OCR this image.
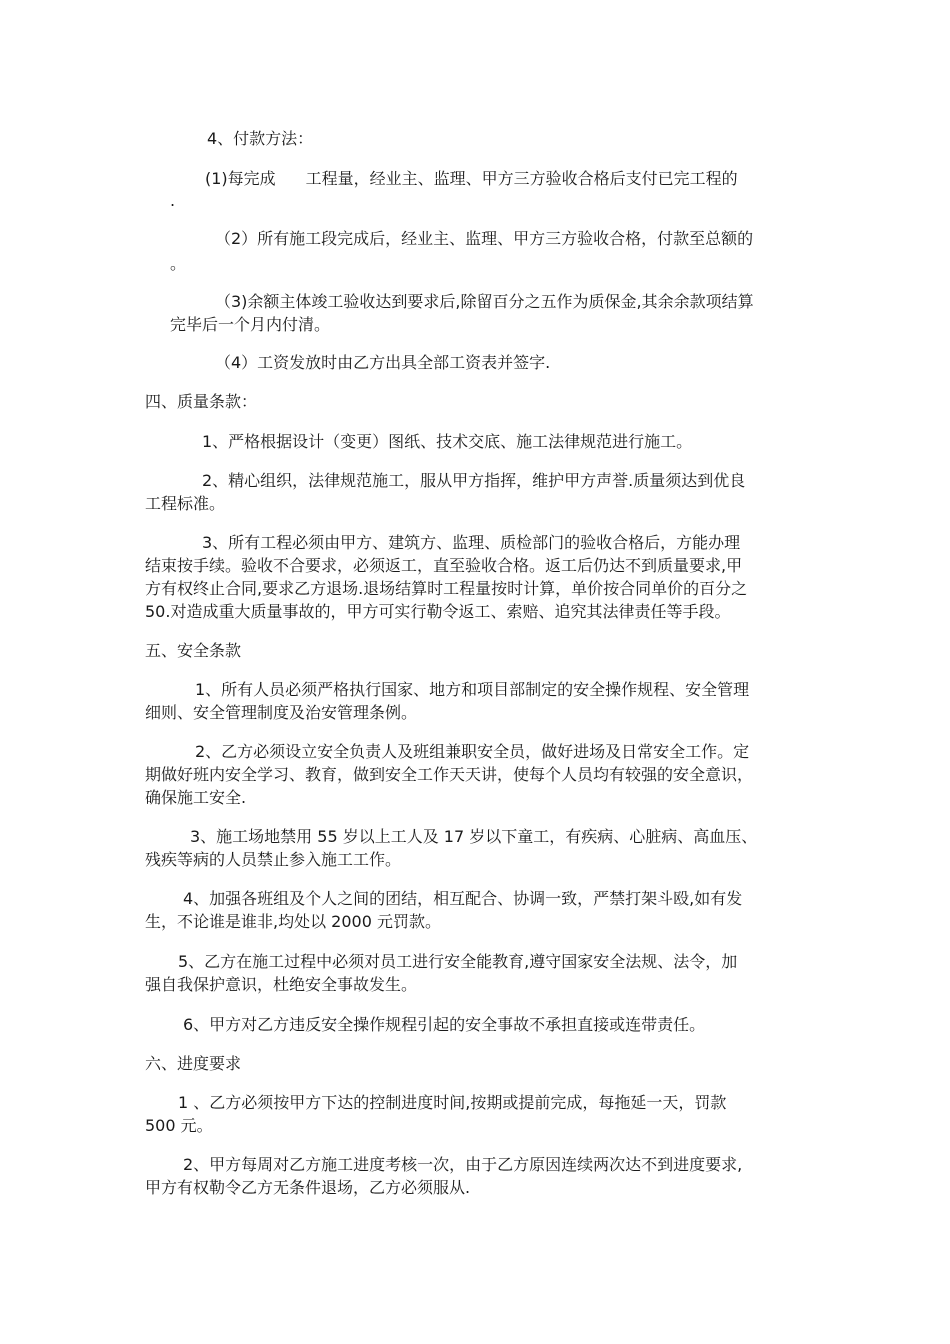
4、付款方法：
(1)每完成 工程量，经业主、监理、甲方三方验收合格后支付已完工程的
.
（2）所有施工段完成后，经业主、监理、甲方三方验收合格，付款至总额的
。
（3)余额主体竣工验收达到要求后,除留百分之五作为质保金,其余余款项结算
完毕后一个月内付清。
（4）工资发放时由乙方出具全部工资表并签字.
四、质量条款：
1、严格根据设计（变更）图纸、技术交底、施工法律规范进行施工。
2、精心组织，法律规范施工，服从甲方指挥，维护甲方声誉.质量须达到优良
工程标准。
3、所有工程必须由甲方、建筑方、监理、质检部门的验收合格后，方能办理
结束按手续。验收不合要求，必须返工，直至验收合格。返工后仍达不到质量要求,甲
方有权终止合同,要求乙方退场.退场结算时工程量按时计算，单价按合同单价的百分之
50.对造成重大质量事故的，甲方可实行勒令返工、索赔、追究其法律责任等手段。
五、安全条款
1、所有人员必须严格执行国家、地方和项目部制定的安全操作规程、安全管理
细则、安全管理制度及治安管理条例。
2、乙方必须设立安全负责人及班组兼职安全员，做好进场及日常安全工作。定
期做好班内安全学习、教育，做到安全工作天天讲，使每个人员均有较强的安全意识，
确保施工安全.
3、施工场地禁用 55 岁以上工人及 17 岁以下童工，有疾病、心脏病、高血压、
残疾等病的人员禁止参入施工工作。
4、加强各班组及个人之间的团结，相互配合、协调一致，严禁打架斗殴,如有发
生，不论谁是谁非,均处以 2000 元罚款。
5、乙方在施工过程中必须对员工进行安全能教育,遵守国家安全法规、法令，加
强自我保护意识，杜绝安全事故发生。
6、甲方对乙方违反安全操作规程引起的安全事故不承担直接或连带责任。
六、进度要求
1 、乙方必须按甲方下达的控制进度时间,按期或提前完成，每拖延一天，罚款
500 元。
2、甲方每周对乙方施工进度考核一次，由于乙方原因连续两次达不到进度要求,
甲方有权勒令乙方无条件退场，乙方必须服从.
